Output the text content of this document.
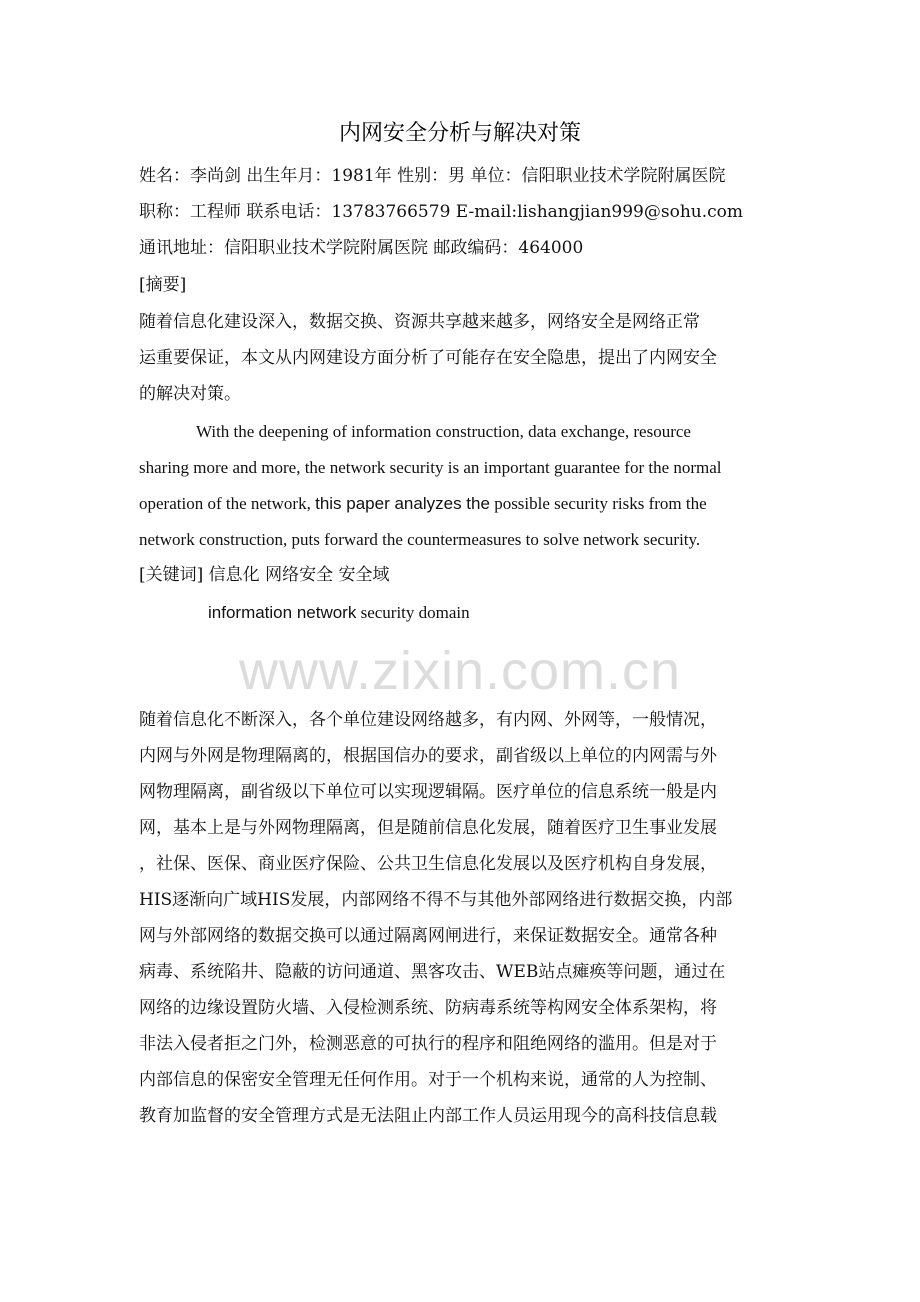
内网安全分析与解决对策
姓名：李尚剑 出生年月：1981年 性别：男 单位：信阳职业技术学院附属医院
职称：工程师 联系电话：13783766579 E-mail:lishangjian999@sohu.com
通讯地址：信阳职业技术学院附属医院 邮政编码：464000
[摘要]
随着信息化建设深入，数据交换、资源共享越来越多，网络安全是网络正常
运重要保证，本文从内网建设方面分析了可能存在安全隐患，提出了内网安全
的解决对策。
With the deepening of information construction, data exchange, resource
sharing more and more, the network security is an important guarantee for the normal
operation of the network, this paper analyzes the possible security risks from the
network construction, puts forward the countermeasures to solve network security.
[关键词] 信息化 网络安全 安全域
information network security domain
www.zixin.com.cn
随着信息化不断深入，各个单位建设网络越多，有内网、外网等，一般情况，
内网与外网是物理隔离的，根据国信办的要求，副省级以上单位的内网需与外
网物理隔离，副省级以下单位可以实现逻辑隔。医疗单位的信息系统一般是内
网，基本上是与外网物理隔离，但是随前信息化发展，随着医疗卫生事业发展
，社保、医保、商业医疗保险、公共卫生信息化发展以及医疗机构自身发展，
HIS逐渐向广域HIS发展，内部网络不得不与其他外部网络进行数据交换，内部
网与外部网络的数据交换可以通过隔离网闸进行，来保证数据安全。通常各种
病毒、系统陷井、隐蔽的访问通道、黑客攻击、WEB站点瘫痪等问题，通过在
网络的边缘设置防火墙、入侵检测系统、防病毒系统等构网安全体系架构，将
非法入侵者拒之门外，检测恶意的可执行的程序和阻绝网络的滥用。但是对于
内部信息的保密安全管理无任何作用。对于一个机构来说，通常的人为控制、
教育加监督的安全管理方式是无法阻止内部工作人员运用现今的高科技信息载
